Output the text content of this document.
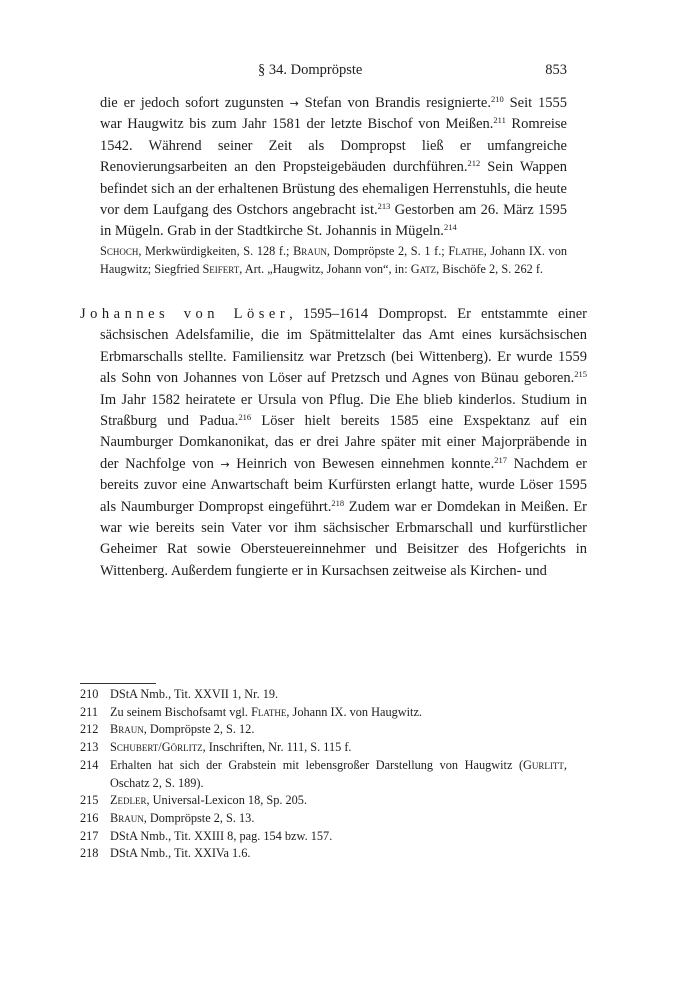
§ 34. Dompröpste	853
die er jedoch sofort zugunsten → Stefan von Brandis resignierte.$^{210}$ Seit 1555 war Haugwitz bis zum Jahr 1581 der letzte Bischof von Meißen.$^{211}$ Romreise 1542. Während seiner Zeit als Dompropst ließ er umfangreiche Renovierungsarbeiten an den Propsteigebäuden durchführen.$^{212}$ Sein Wappen befindet sich an der erhaltenen Brüstung des ehemaligen Herrenstuhls, die heute vor dem Laufgang des Ostchors angebracht ist.$^{213}$ Gestorben am 26. März 1595 in Mügeln. Grab in der Stadtkirche St. Johannis in Mügeln.$^{214}$
Schoch, Merkwürdigkeiten, S. 128 f.; Braun, Dompröpste 2, S. 1 f.; Flathe, Johann IX. von Haugwitz; Siegfried Seifert, Art. „Haugwitz, Johann von“, in: Gatz, Bischöfe 2, S. 262 f.
Johannes von Löser, 1595–1614 Dompropst. Er entstammte einer sächsischen Adelsfamilie, die im Spätmittelalter das Amt eines kursächsischen Erbmarschalls stellte. Familiensitz war Pretzsch (bei Wittenberg). Er wurde 1559 als Sohn von Johannes von Löser auf Pretzsch und Agnes von Bünau geboren.$^{215}$ Im Jahr 1582 heiratete er Ursula von Pflug. Die Ehe blieb kinderlos. Studium in Straßburg und Padua.$^{216}$ Löser hielt bereits 1585 eine Exspektanz auf ein Naumburger Domkanonikat, das er drei Jahre später mit einer Majorpräbende in der Nachfolge von → Heinrich von Bewesen einnehmen konnte.$^{217}$ Nachdem er bereits zuvor eine Anwartschaft beim Kurfürsten erlangt hatte, wurde Löser 1595 als Naumburger Dompropst eingeführt.$^{218}$ Zudem war er Domdekan in Meißen. Er war wie bereits sein Vater vor ihm sächsischer Erbmarschall und kurfürstlicher Geheimer Rat sowie Obersteuereinnehmer und Beisitzer des Hofgerichts in Wittenberg. Außerdem fungierte er in Kursachsen zeitweise als Kirchen- und
210 DStA Nmb., Tit. XXVII 1, Nr. 19.
211 Zu seinem Bischofsamt vgl. Flathe, Johann IX. von Haugwitz.
212 Braun, Dompröpste 2, S. 12.
213 Schubert/Görlitz, Inschriften, Nr. 111, S. 115 f.
214 Erhalten hat sich der Grabstein mit lebensgroßer Darstellung von Haugwitz (Gurlitt, Oschatz 2, S. 189).
215 Zedler, Universal-Lexicon 18, Sp. 205.
216 Braun, Dompröpste 2, S. 13.
217 DStA Nmb., Tit. XXIII 8, pag. 154 bzw. 157.
218 DStA Nmb., Tit. XXIVa 1.6.
